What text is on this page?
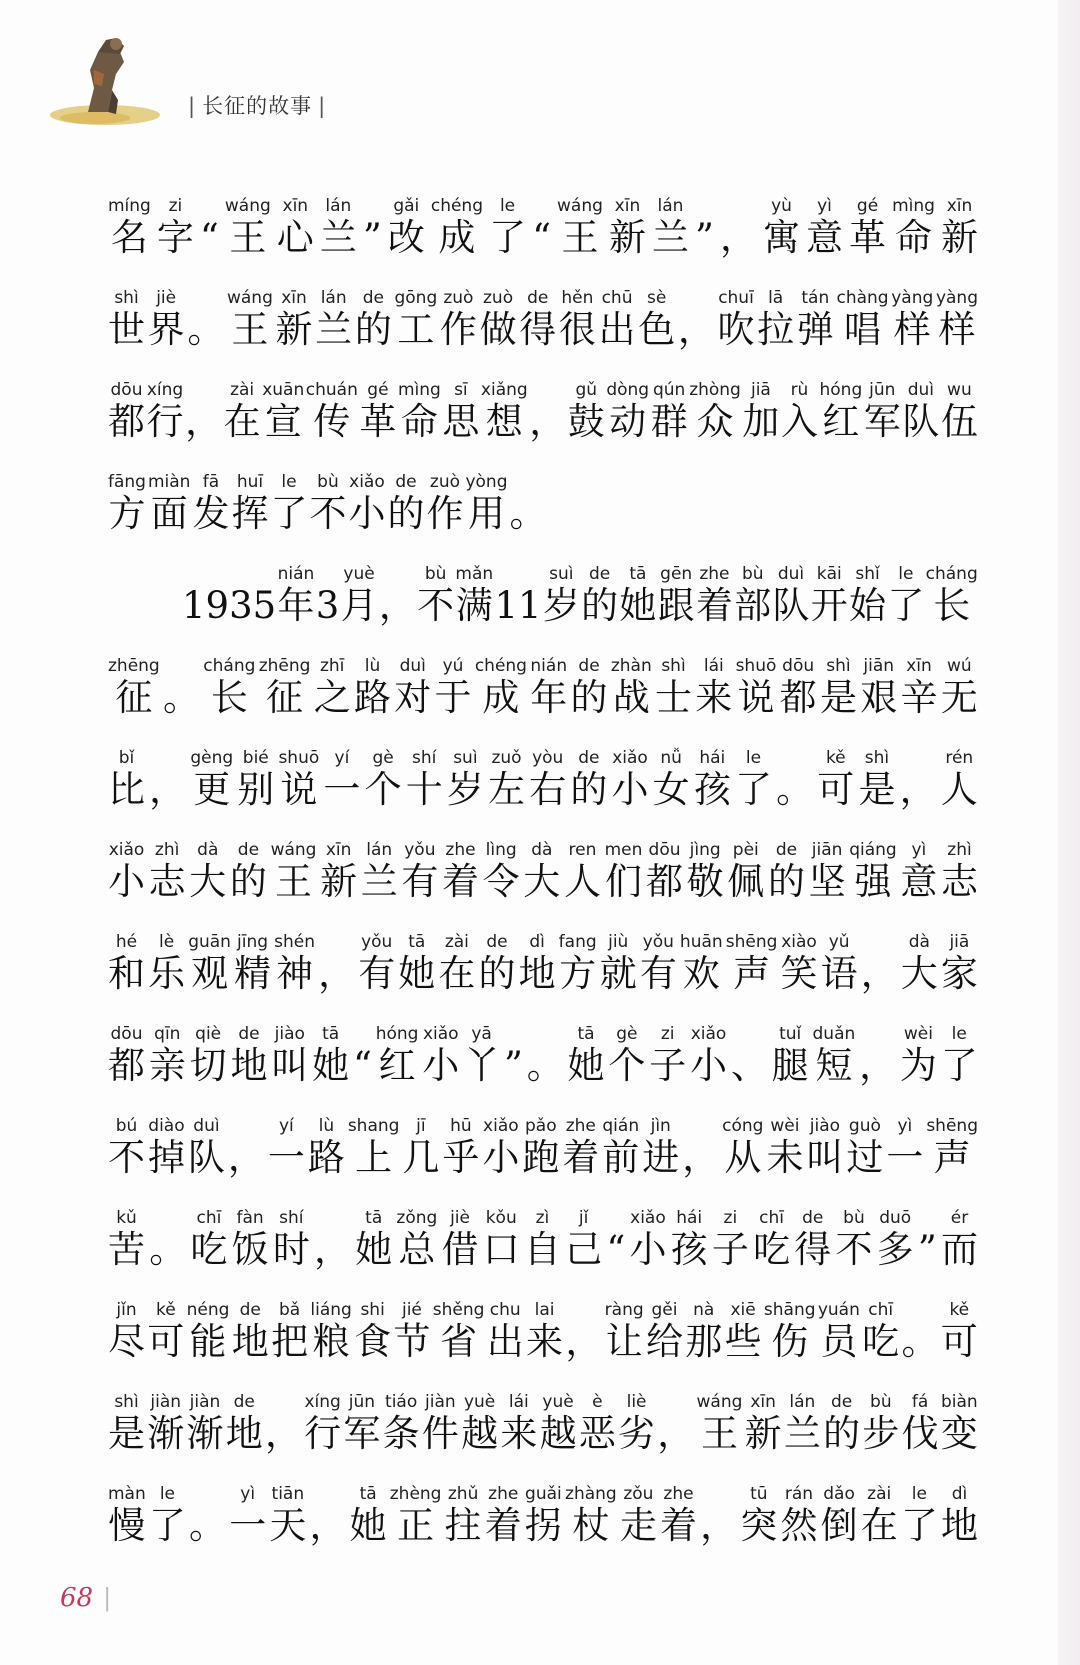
| 长征的故事 |
míng
名
zi
字 “
wáng
王
xīn
心
lán
兰 ”
gǎi
改
chéng
成
le
了 “
wáng
王
xīn
新
lán
兰 ” ，
yù
寓
yì
意
gé
革
mìng
命
xīn
新
shì
世
jiè
界 。
wáng
王
xīn
新
lán
兰
de
的
gōng
工
zuò
作
zuò
做
de
得
hěn
很
chū
出
sè
色 ，
chuī
吹
lā
拉
tán
弹
chàng
唱
yàng
样
yàng
样
dōu
都
xíng
行 ，
zài
在
xuān
宣
chuán
传
gé
革
mìng
命
sī
思
xiǎng
想 ，
gǔ
鼓
dòng
动
qún
群
zhòng
众
jiā
加
rù
入
hóng
红
jūn
军
duì
队
wu
伍
fāng
方
miàn
面
fā
发
huī
挥
le
了
bù
不
xiǎo
小
de
的
zuò
作
yòng
用 。
1935
nián
年 3
yuè
月 ，
bù
不
mǎn
满 11
suì
岁
de
的
tā
她
gēn
跟
zhe
着
bù
部
duì
队
kāi
开
shǐ
始
le
了
cháng
长
zhēng
征 。
cháng
长
zhēng
征
zhī
之
lù
路
duì
对
yú
于
chéng
成
nián
年
de
的
zhàn
战
shì
士
lái
来
shuō
说
dōu
都
shì
是
jiān
艰
xīn
辛
wú
无
bǐ
比 ，
gèng
更
bié
别
shuō
说
yí
一
gè
个
shí
十
suì
岁
zuǒ
左
yòu
右
de
的
xiǎo
小
nǚ
女
hái
孩
le
了 。
kě
可
shì
是 ，
rén
人
xiǎo
小
zhì
志
dà
大
de
的
wáng
王
xīn
新
lán
兰
yǒu
有
zhe
着
lìng
令
dà
大
ren
人
men
们
dōu
都
jìng
敬
pèi
佩
de
的
jiān
坚
qiáng
强
yì
意
zhì
志
hé
和
lè
乐
guān
观
jīng
精
shén
神 ，
yǒu
有
tā
她
zài
在
de
的
dì
地
fang
方
jiù
就
yǒu
有
huān
欢
shēng
声
xiào
笑
yǔ
语 ，
dà
大
jiā
家
dōu
都
qīn
亲
qiè
切
de
地
jiào
叫
tā
她 “
hóng
红
xiǎo
小
yā
丫 ” 。
tā
她
gè
个
zi
子
xiǎo
小 、
tuǐ
腿
duǎn
短 ，
wèi
为
le
了
bú
不
diào
掉
duì
队 ，
yí
一
lù
路
shang
上
jī
几
hū
乎
xiǎo
小
pǎo
跑
zhe
着
qián
前
jìn
进 ，
cóng
从
wèi
未
jiào
叫
guò
过
yì
一
shēng
声
kǔ
苦 。
chī
吃
fàn
饭
shí
时 ，
tā
她
zǒng
总
jiè
借
kǒu
口
zì
自
jǐ
己 “
xiǎo
小
hái
孩
zi
子
chī
吃
de
得
bù
不
duō
多 ”
ér
而
jǐn
尽
kě
可
néng
能
de
地
bǎ
把
liáng
粮
shi
食
jié
节
shěng
省
chu
出
lai
来 ，
ràng
让
gěi
给
nà
那
xiē
些
shāng
伤
yuán
员
chī
吃 。
kě
可
shì
是
jiàn
渐
jiàn
渐
de
地 ，
xíng
行
jūn
军
tiáo
条
jiàn
件
yuè
越
lái
来
yuè
越
è
恶
liè
劣 ，
wáng
王
xīn
新
lán
兰
de
的
bù
步
fá
伐
biàn
变
màn
慢
le
了 。
yì
一
tiān
天 ，
tā
她
zhèng
正
zhǔ
拄
zhe
着
guǎi
拐
zhàng
杖
zǒu
走
zhe
着 ，
tū
突
rán
然
dǎo
倒
zài
在
le
了
dì
地
68 |
